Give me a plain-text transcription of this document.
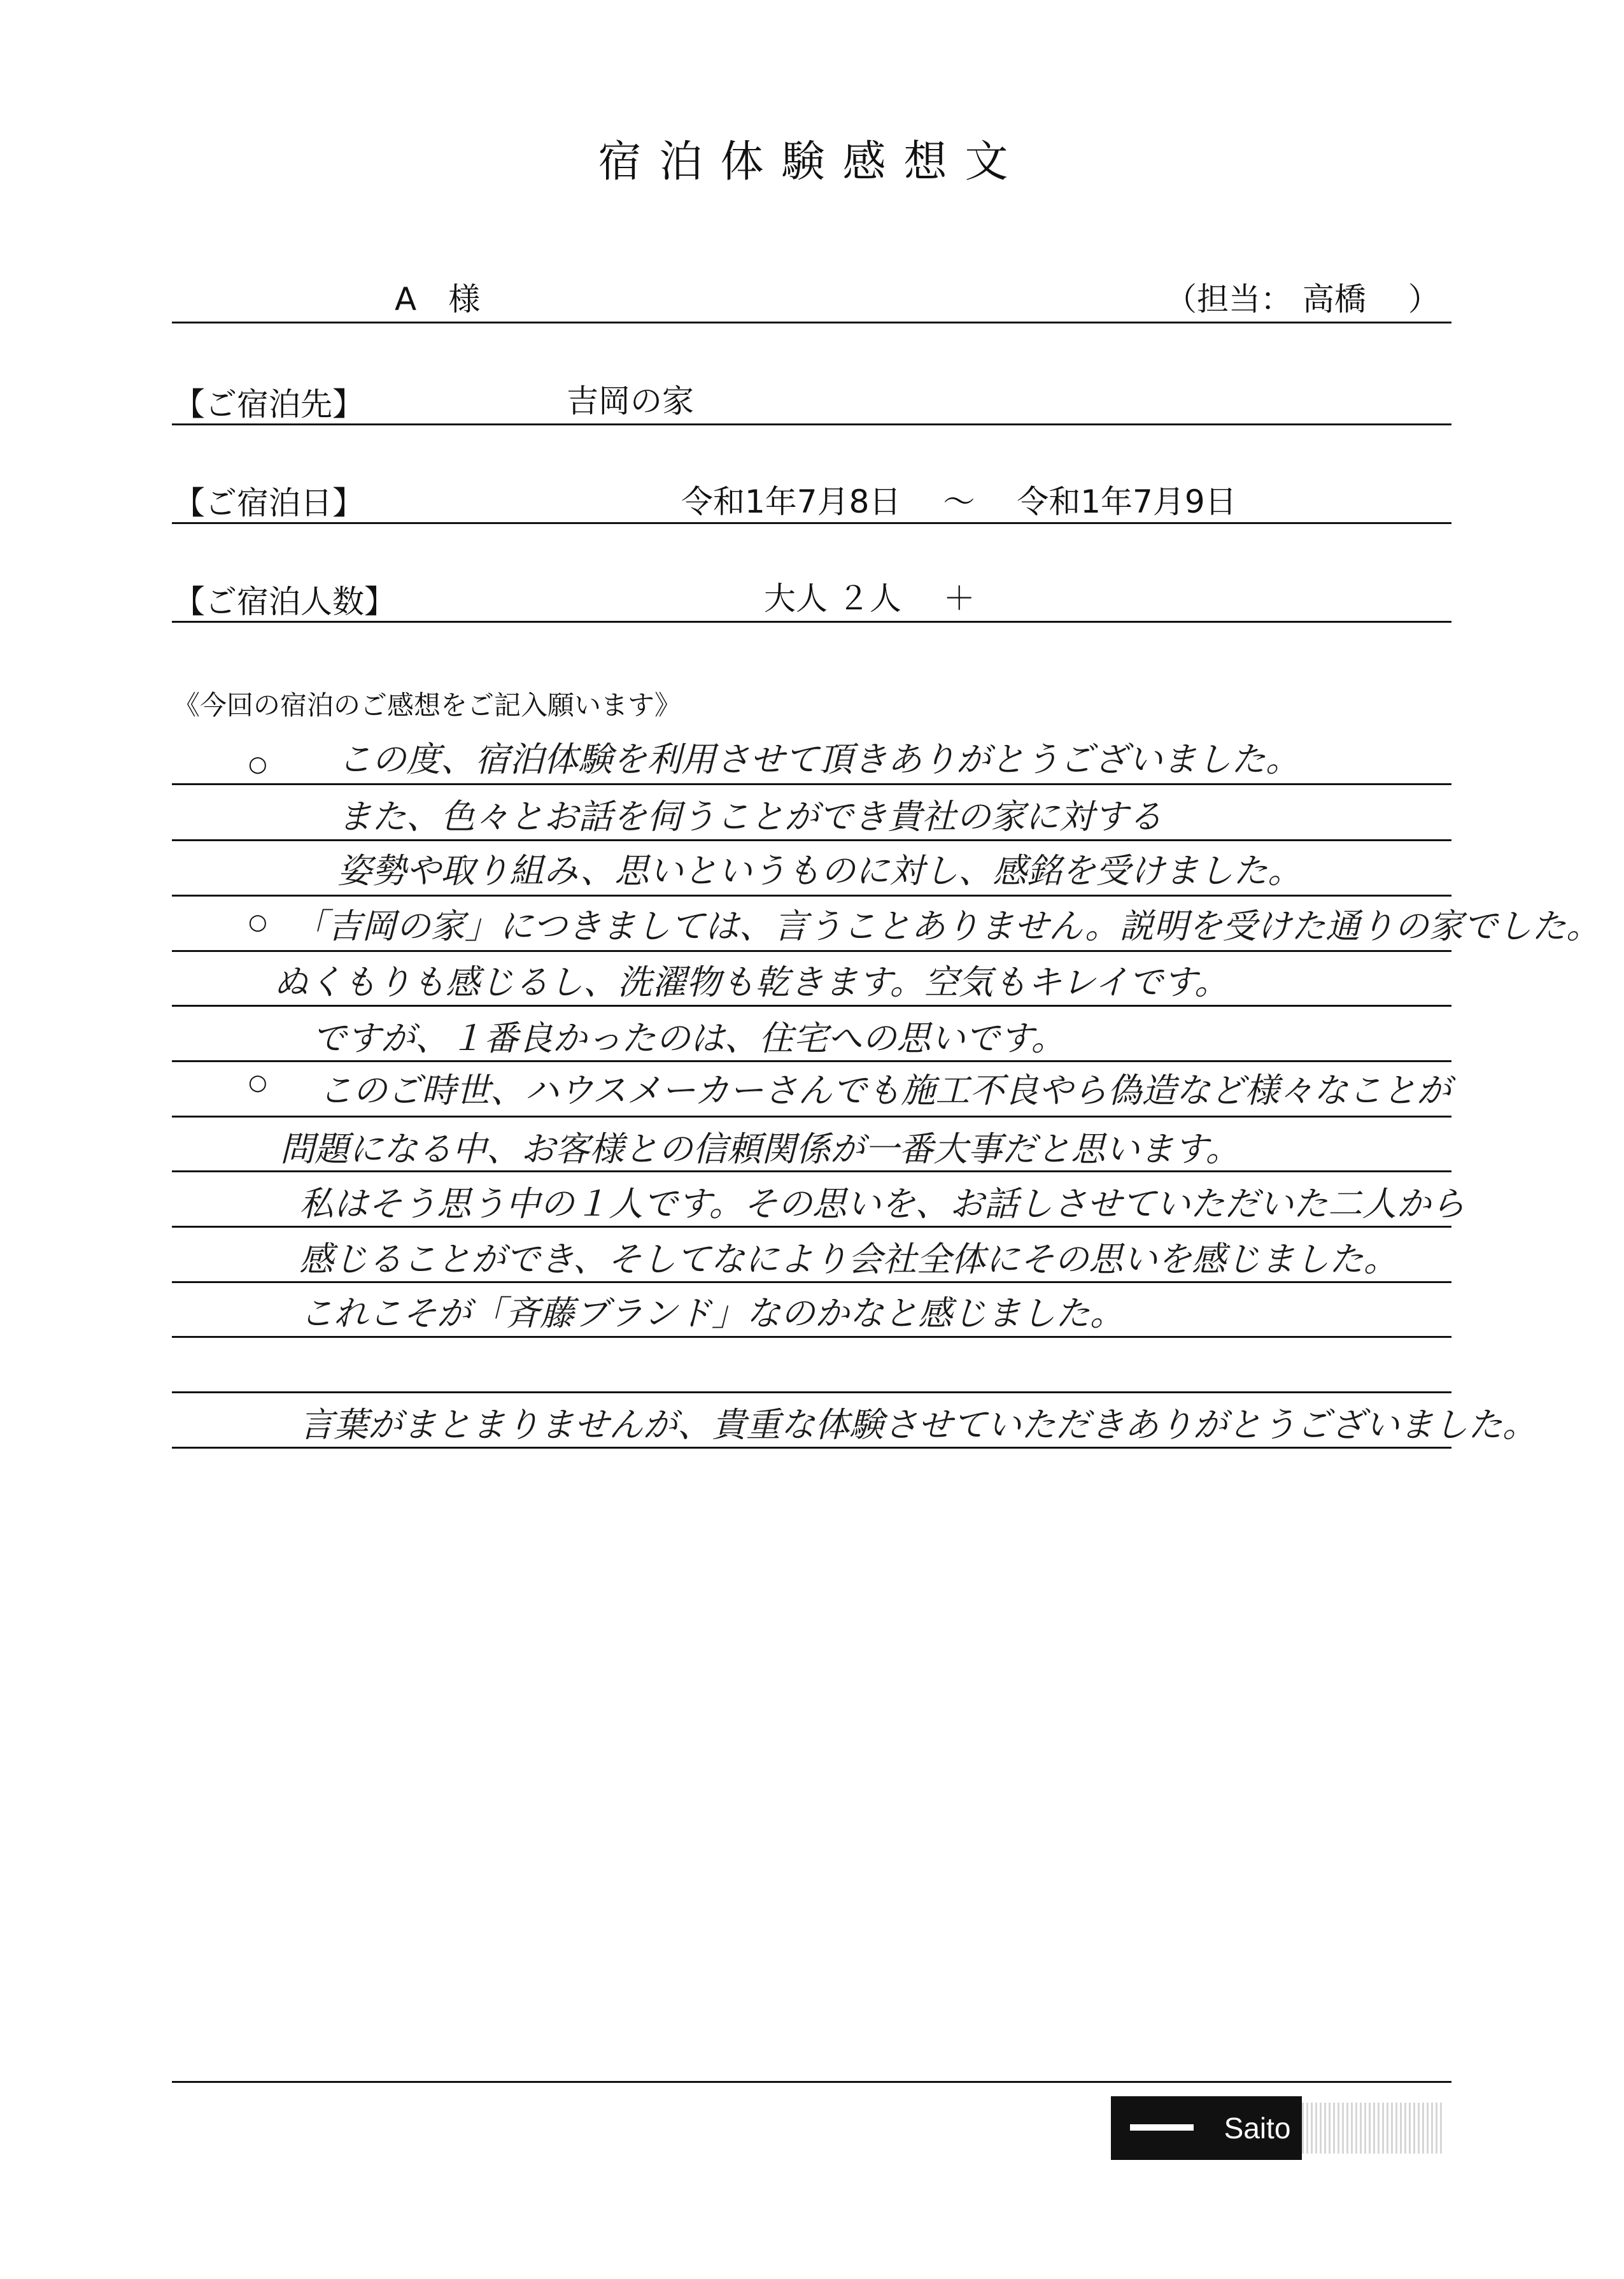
宿泊体験感想文
A　様	（担当： 高橋　 ）
【ご宿泊先】	吉岡の家
【ご宿泊日】	令和1年7月8日　 ～　 令和1年7月9日
【ご宿泊人数】	大人 ２人　 ＋
《今回の宿泊のご感想をご記入願います》
○
○
○
この度、宿泊体験を利用させて頂きありがとうございました。
また、色々とお話を伺うことができ貴社の家に対する
姿勢や取り組み、思いというものに対し、感銘を受けました。
「吉岡の家」につきましては、言うことありません。説明を受けた通りの家でした。
ぬくもりも感じるし、洗濯物も乾きます。空気もキレイです。
ですが、１番良かったのは、住宅への思いです。
このご時世、ハウスメーカーさんでも施工不良やら偽造など様々なことが
問題になる中、お客様との信頼関係が一番大事だと思います。
私はそう思う中の１人です。その思いを、お話しさせていただいた二人から
感じることができ、そしてなにより会社全体にその思いを感じました。
これこそが「斉藤ブランド」なのかなと感じました。
言葉がまとまりませんが、貴重な体験させていただきありがとうございました。
Saito
